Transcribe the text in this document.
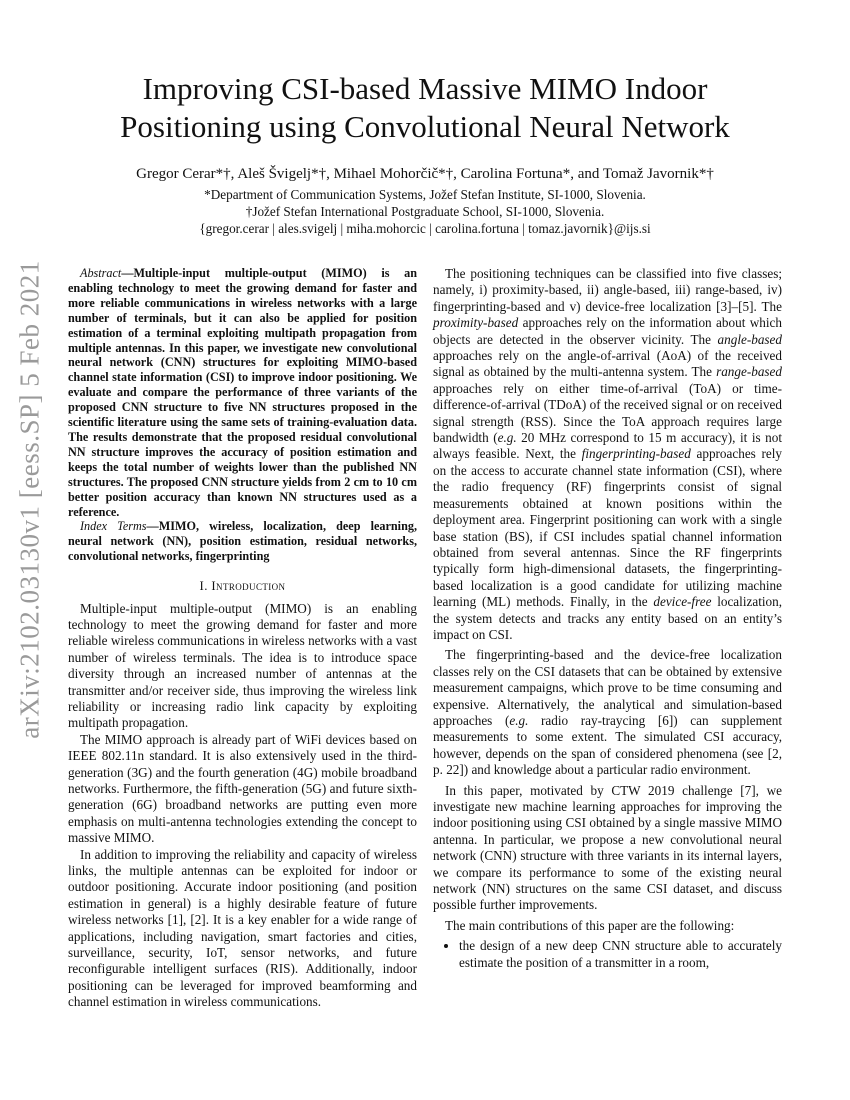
arXiv:2102.03130v1 [eess.SP] 5 Feb 2021
Improving CSI-based Massive MIMO Indoor
Positioning using Convolutional Neural Network
Gregor Cerar*†, Aleš Švigelj*†, Mihael Mohorčič*†, Carolina Fortuna*, and Tomaž Javornik*†
*Department of Communication Systems, Jožef Stefan Institute, SI-1000, Slovenia.
†Jožef Stefan International Postgraduate School, SI-1000, Slovenia.
{gregor.cerar | ales.svigelj | miha.mohorcic | carolina.fortuna | tomaz.javornik}@ijs.si

Abstract—Multiple-input multiple-output (MIMO) is an enabling technology to meet the growing demand for faster and more reliable communications in wireless networks with a large number of terminals, but it can also be applied for position estimation of a terminal exploiting multipath propagation from multiple antennas. In this paper, we investigate new convolutional neural network (CNN) structures for exploiting MIMO-based channel state information (CSI) to improve indoor positioning. We evaluate and compare the performance of three variants of the proposed CNN structure to five NN structures proposed in the scientific literature using the same sets of training-evaluation data. The results demonstrate that the proposed residual convolutional NN structure improves the accuracy of position estimation and keeps the total number of weights lower than the published NN structures. The proposed CNN structure yields from 2 cm to 10 cm better position accuracy than known NN structures used as a reference.

Index Terms—MIMO, wireless, localization, deep learning, neural network (NN), position estimation, residual networks, convolutional networks, fingerprinting

I. Introduction

Multiple-input multiple-output (MIMO) is an enabling technology to meet the growing demand for faster and more reliable wireless communications in wireless networks with a vast number of wireless terminals. The idea is to introduce space diversity through an increased number of antennas at the transmitter and/or receiver side, thus improving the wireless link reliability or increasing radio link capacity by exploiting multipath propagation.

The MIMO approach is already part of WiFi devices based on IEEE 802.11n standard. It is also extensively used in the third-generation (3G) and the fourth generation (4G) mobile broadband networks. Furthermore, the fifth-generation (5G) and future sixth-generation (6G) broadband networks are putting even more emphasis on multi-antenna technologies extending the concept to massive MIMO.

In addition to improving the reliability and capacity of wireless links, the multiple antennas can be exploited for indoor or outdoor positioning. Accurate indoor positioning (and position estimation in general) is a highly desirable feature of future wireless networks [1], [2]. It is a key enabler for a wide range of applications, including navigation, smart factories and cities, surveillance, security, IoT, sensor networks, and future reconfigurable intelligent surfaces (RIS). Additionally, indoor positioning can be leveraged for improved beamforming and channel estimation in wireless communications.

The positioning techniques can be classified into five classes; namely, i) proximity-based, ii) angle-based, iii) range-based, iv) fingerprinting-based and v) device-free localization [3]–[5]. The proximity-based approaches rely on the information about which objects are detected in the observer vicinity. The angle-based approaches rely on the angle-of-arrival (AoA) of the received signal as obtained by the multi-antenna system. The range-based approaches rely on either time-of-arrival (ToA) or time-difference-of-arrival (TDoA) of the received signal or on received signal strength (RSS). Since the ToA approach requires large bandwidth (e.g. 20 MHz correspond to 15 m accuracy), it is not always feasible. Next, the fingerprinting-based approaches rely on the access to accurate channel state information (CSI), where the radio frequency (RF) fingerprints consist of signal measurements obtained at known positions within the deployment area. Fingerprint positioning can work with a single base station (BS), if CSI includes spatial channel information obtained from several antennas. Since the RF fingerprints typically form high-dimensional datasets, the fingerprinting-based localization is a good candidate for utilizing machine learning (ML) methods. Finally, in the device-free localization, the system detects and tracks any entity based on an entity’s impact on CSI.

The fingerprinting-based and the device-free localization classes rely on the CSI datasets that can be obtained by extensive measurement campaigns, which prove to be time consuming and expensive. Alternatively, the analytical and simulation-based approaches (e.g. radio ray-traycing [6]) can supplement measurements to some extent. The simulated CSI accuracy, however, depends on the span of considered phenomena (see [2, p. 22]) and knowledge about a particular radio environment.

In this paper, motivated by CTW 2019 challenge [7], we investigate new machine learning approaches for improving the indoor positioning using CSI obtained by a single massive MIMO antenna. In particular, we propose a new convolutional neural network (CNN) structure with three variants in its internal layers, we compare its performance to some of the existing neural network (NN) structures on the same CSI dataset, and discuss possible further improvements.

The main contributions of this paper are the following:

• the design of a new deep CNN structure able to accurately estimate the position of a transmitter in a room,
